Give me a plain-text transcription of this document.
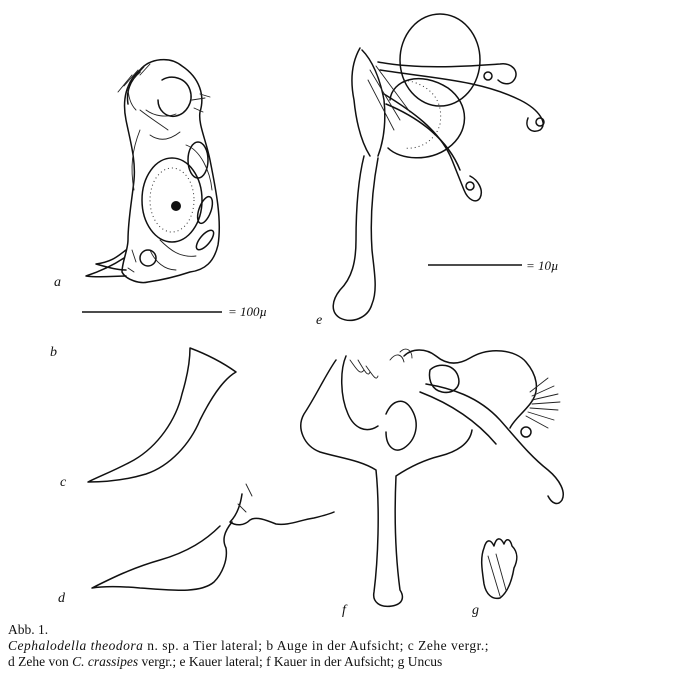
= 100µ
= 10µ
a
b
c
d
e
f	g
Abb. 1.
Cephalodella theodora n. sp. a Tier lateral; b Auge in der Aufsicht; c Zehe vergr.;
d Zehe von C. crassipes vergr.; e Kauer lateral; f Kauer in der Aufsicht; g Uncus
